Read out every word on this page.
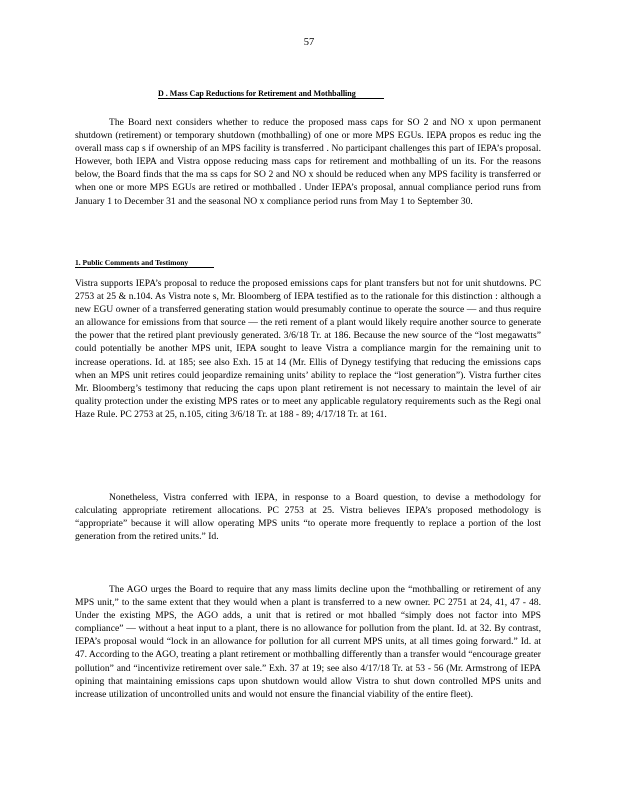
57
D . Mass Cap Reductions for Retirement and Mothballing

The Board next considers whether to reduce the proposed mass caps for SO 2 and NO x upon permanent shutdown (retirement) or temporary shutdown (mothballing) of one or more MPS EGUs. IEPA propos es reduc ing the overall mass cap s if ownership of an MPS facility is transferred . No participant challenges this part of IEPA’s proposal. However, both IEPA and Vistra oppose reducing mass caps for retirement and mothballing of un its. For the reasons below, the Board finds that the ma ss caps for SO 2 and NO x should be reduced when any MPS facility is transferred or when one or more MPS EGUs are retired or mothballed . Under IEPA’s proposal, annual compliance period runs from January 1 to December 31 and the seasonal NO x compliance period runs from May 1 to September 30.

1. Public Comments and Testimony

Vistra supports IEPA’s proposal to reduce the proposed emissions caps for plant transfers but not for unit shutdowns. PC 2753 at 25 & n.104. As Vistra note s, Mr. Bloomberg of IEPA testified as to the rationale for this distinction : although a new EGU owner of a transferred generating station would presumably continue to operate the source — and thus require an allowance for emissions from that source — the reti rement of a plant would likely require another source to generate the power that the retired plant previously generated. 3/6/18 Tr. at 186. Because the new source of the “lost megawatts” could potentially be another MPS unit, IEPA sought to leave Vistra a compliance margin for the remaining unit to increase operations. Id. at 185; see also Exh. 15 at 14 (Mr. Ellis of Dynegy testifying that reducing the emissions caps when an MPS unit retires could jeopardize remaining units’ ability to replace the “lost generation”). Vistra further cites Mr. Bloomberg’s testimony that reducing the caps upon plant retirement is not necessary to maintain the level of air quality protection under the existing MPS rates or to meet any applicable regulatory requirements such as the Regi onal Haze Rule. PC 2753 at 25, n.105, citing 3/6/18 Tr. at 188 - 89; 4/17/18 Tr. at 161.

Nonetheless, Vistra conferred with IEPA, in response to a Board question, to devise a methodology for calculating appropriate retirement allocations. PC 2753 at 25. Vistra believes IEPA’s proposed methodology is “appropriate” because it will allow operating MPS units “to operate more frequently to replace a portion of the lost generation from the retired units.” Id.

The AGO urges the Board to require that any mass limits decline upon the “mothballing or retirement of any MPS unit,” to the same extent that they would when a plant is transferred to a new owner. PC 2751 at 24, 41, 47 - 48. Under the existing MPS, the AGO adds, a unit that is retired or mot hballed “simply does not factor into MPS compliance” — without a heat input to a plant, there is no allowance for pollution from the plant. Id. at 32. By contrast, IEPA’s proposal would “lock in an allowance for pollution for all current MPS units, at all times going forward.” Id. at 47. According to the AGO, treating a plant retirement or mothballing differently than a transfer would “encourage greater pollution” and “incentivize retirement over sale.” Exh. 37 at 19; see also 4/17/18 Tr. at 53 - 56 (Mr. Armstrong of IEPA opining that maintaining emissions caps upon shutdown would allow Vistra to shut down controlled MPS units and increase utilization of uncontrolled units and would not ensure the financial viability of the entire fleet).
